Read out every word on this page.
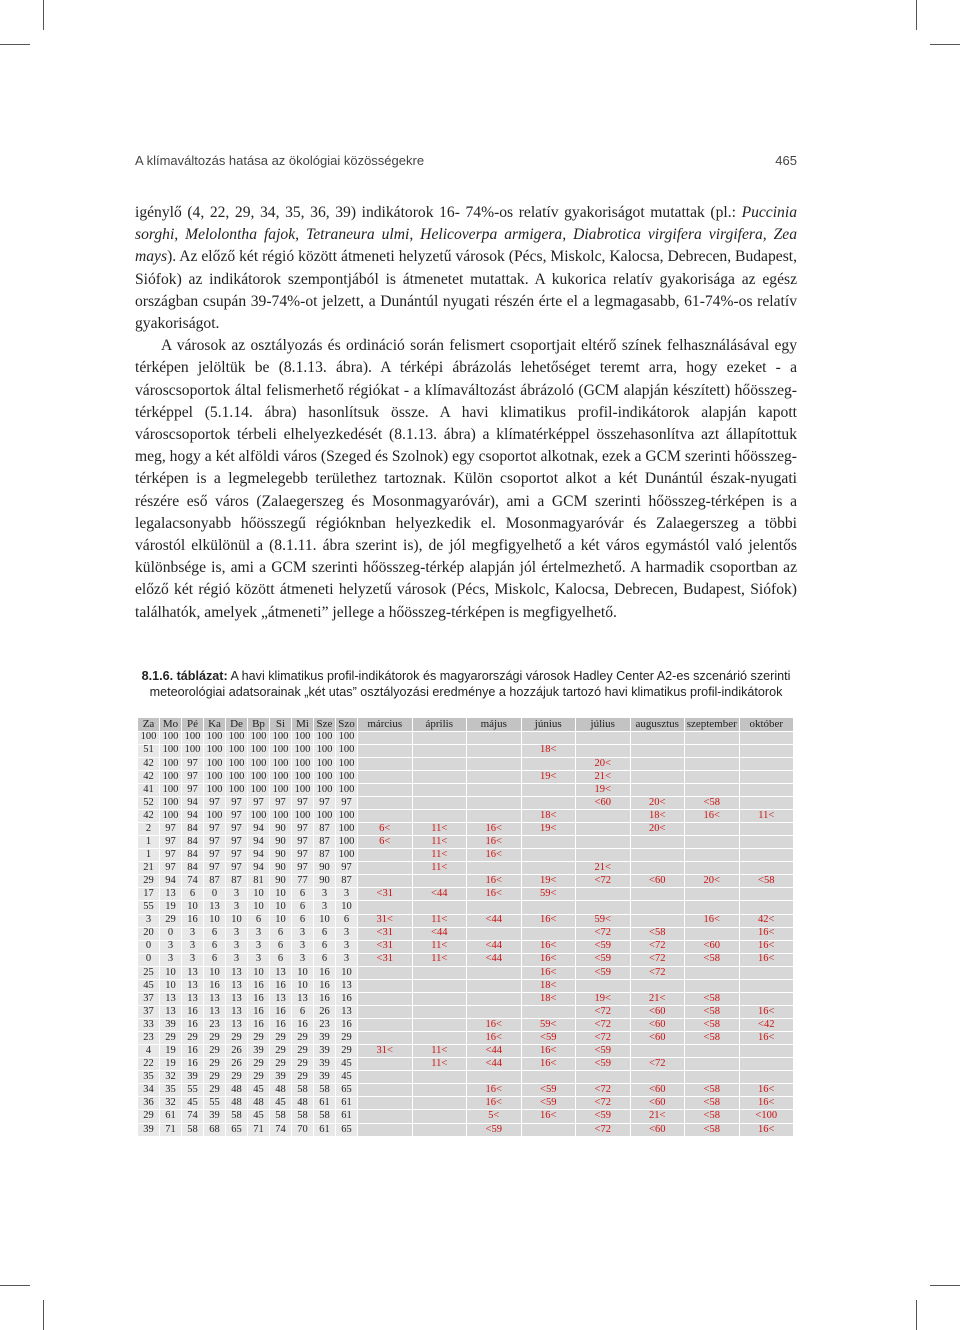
A klímaváltozás hatása az ökológiai közösségekre	465

igénylő (4, 22, 29, 34, 35, 36, 39) indikátorok 16- 74%-os relatív gyakoriságot mutattak (pl.: Puccinia sorghi, Melolontha fajok, Tetraneura ulmi, Helicoverpa armigera, Diabrotica virgifera virgifera, Zea mays). Az előző két régió között átmeneti helyzetű városok (Pécs, Miskolc, Kalocsa, Debrecen, Budapest, Siófok) az indikátorok szempontjából is átmenetet mutattak. A kukorica relatív gyakorisága az egész országban csupán 39-74%-ot jelzett, a Dunántúl nyugati részén érte el a legmagasabb, 61-74%-os relatív gyakoriságot.

A városok az osztályozás és ordináció során felismert csoportjait eltérő színek felhasználásával egy térképen jelöltük be (8.1.13. ábra). A térképi ábrázolás lehetőséget teremt arra, hogy ezeket - a városcsoportok által felismerhető régiókat - a klímaváltozást ábrázoló (GCM alapján készített) hőösszeg-térképpel (5.1.14. ábra) hasonlítsuk össze. A havi klimatikus profil-indikátorok alapján kapott városcsoportok térbeli elhelyezkedését (8.1.13. ábra) a klímatérképpel összehasonlítva azt állapítottuk meg, hogy a két alföldi város (Szeged és Szolnok) egy csoportot alkotnak, ezek a GCM szerinti hőösszeg-térképen is a legmelegebb területhez tartoznak. Külön csoportot alkot a két Dunántúl észak-nyugati részére eső város (Zalaegerszeg és Mosonmagyaróvár), ami a GCM szerinti hőösszeg-térképen is a legalacsonyabb hőösszegű régióknban helyezkedik el. Mosonmagyaróvár és Zalaegerszeg a többi várostól elkülönül a (8.1.11. ábra szerint is), de jól megfigyelhető a két város egymástól való jelentős különbsége is, ami a GCM szerinti hőösszeg-térkép alapján jól értelmezhető. A harmadik csoportban az előző két régió között átmeneti helyzetű városok (Pécs, Miskolc, Kalocsa, Debrecen, Budapest, Siófok) találhatók, amelyek „átmeneti” jellege a hőösszeg-térképen is megfigyelhető.

8.1.6. táblázat: A havi klimatikus profil-indikátorok és magyarországi városok Hadley Center A2-es szcenárió szerinti meteorológiai adatsorainak „két utas” osztályozási eredménye a hozzájuk tartozó havi klimatikus profil-indikátorok
Za	Mo	Pé	Ka	De	Bp	Si	Mi	Sze	Szo	március	április	május	június	július	augusztus	szeptember	október
100	100	100	100	100	100	100	100	100	100								
51	100	100	100	100	100	100	100	100	100				18<				
42	100	97	100	100	100	100	100	100	100					20<			
42	100	97	100	100	100	100	100	100	100				19<	21<			
41	100	97	100	100	100	100	100	100	100					19<			
52	100	94	97	97	97	97	97	97	97					<60	20<	<58	
42	100	94	100	97	100	100	100	100	100				18<		18<	16<	11<
2	97	84	97	97	94	90	97	87	100	6<	11<	16<	19<		20<		
1	97	84	97	97	94	90	97	87	100	6<	11<	16<					
1	97	84	97	97	94	90	97	87	100		11<	16<					
21	97	84	97	97	94	90	97	90	97		11<			21<			
29	94	74	87	87	81	90	77	90	87			16<	19<	<72	<60	20<	<58
17	13	6	0	3	10	10	6	3	3	<31	<44	16<	59<				
55	19	10	13	3	10	10	6	3	10								
3	29	16	10	10	6	10	6	10	6	31<	11<	<44	16<	59<		16<	42<
20	0	3	6	3	3	6	3	6	3	<31	<44			<72	<58		16<
0	3	3	6	3	3	6	3	6	3	<31	11<	<44	16<	<59	<72	<60	16<
0	3	3	6	3	3	6	3	6	3	<31	11<	<44	16<	<59	<72	<58	16<
25	10	13	10	13	10	13	10	16	10				16<	<59	<72		
45	10	13	16	13	16	16	10	16	13				18<				
37	13	13	13	13	16	13	13	16	16				18<	19<	21<	<58	
37	13	16	13	13	16	16	6	26	13					<72	<60	<58	16<
33	39	16	23	13	16	16	16	23	16			16<	59<	<72	<60	<58	<42
23	29	29	29	29	29	29	29	39	29			16<	<59	<72	<60	<58	16<
4	19	16	29	26	39	29	29	39	29	31<	11<	<44	16<	<59			
22	19	16	29	26	29	29	29	39	45		11<	<44	16<	<59	<72		
35	32	39	29	29	29	39	29	39	45								
34	35	55	29	48	45	48	58	58	65			16<	<59	<72	<60	<58	16<
36	32	45	55	48	48	45	48	61	61			16<	<59	<72	<60	<58	16<
29	61	74	39	58	45	58	58	58	61			5<	16<	<59	21<	<58	<100
39	71	58	68	65	71	74	70	61	65			<59		<72	<60	<58	16<
